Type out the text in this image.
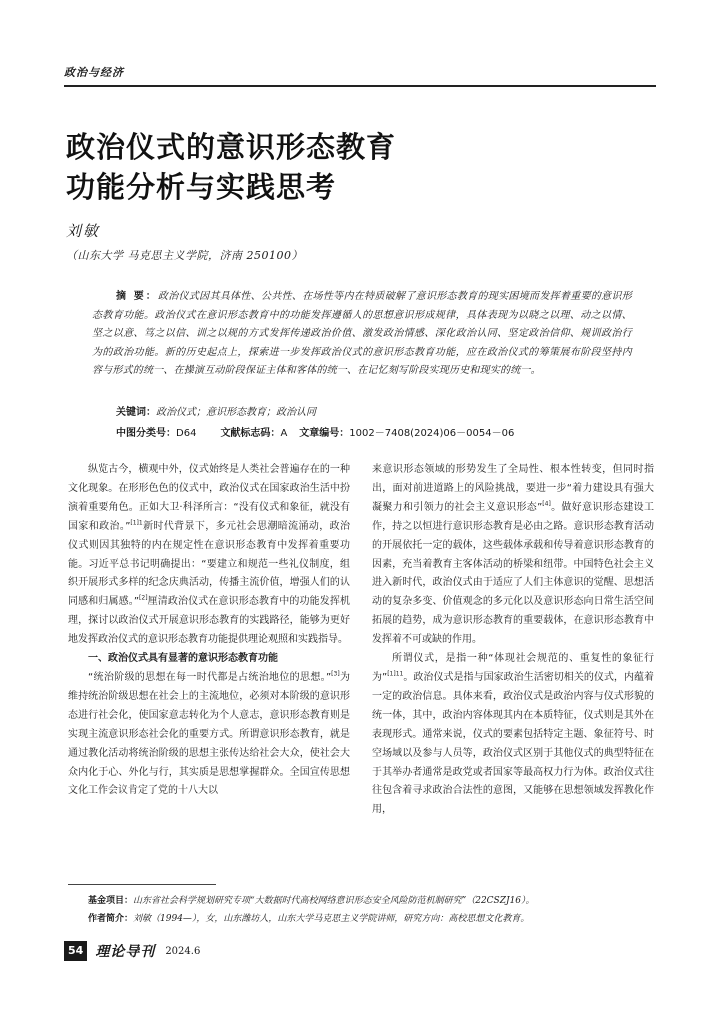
政治与经济
政治仪式的意识形态教育
功能分析与实践思考
刘敏
（山东大学 马克思主义学院，济南 250100）
摘 要：政治仪式因其具体性、公共性、在场性等内在特质破解了意识形态教育的现实困境而发挥着重要的意识形态教育功能。政治仪式在意识形态教育中的功能发挥遵循人的思想意识形成规律，具体表现为以晓之以理、动之以情、坚之以意、笃之以信、训之以规的方式发挥传递政治价值、激发政治情感、深化政治认同、坚定政治信仰、规训政治行为的政治功能。新的历史起点上，探索进一步发挥政治仪式的意识形态教育功能，应在政治仪式的筹策展布阶段坚持内容与形式的统一、在操演互动阶段保证主体和客体的统一、在记忆刻写阶段实现历史和现实的统一。
关键词：政治仪式；意识形态教育；政治认同
中图分类号：D64 文献标志码：A 文章编号：1002－7408(2024)06－0054－06

纵览古今，横观中外，仪式始终是人类社会普遍存在的一种文化现象。在形形色色的仪式中，政治仪式在国家政治生活中扮演着重要角色。正如大卫·科泽所言：“没有仪式和象征，就没有国家和政治。”$^{[1]1}$新时代背景下，多元社会思潮暗流涌动，政治仪式则因其独特的内在规定性在意识形态教育中发挥着重要功能。习近平总书记明确提出：“要建立和规范一些礼仪制度，组织开展形式多样的纪念庆典活动，传播主流价值，增强人们的认同感和归属感。”[2]厘清政治仪式在意识形态教育中的功能发挥机理，探讨以政治仪式开展意识形态教育的实践路径，能够为更好地发挥政治仪式的意识形态教育功能提供理论观照和实践指导。

一、政治仪式具有显著的意识形态教育功能

“统治阶级的思想在每一时代都是占统治地位的思想。”[3]为维持统治阶级思想在社会上的主流地位，必须对本阶级的意识形态进行社会化，使国家意志转化为个人意志，意识形态教育则是实现主流意识形态社会化的重要方式。所谓意识形态教育，就是通过教化活动将统治阶级的思想主张传达给社会大众，使社会大众内化于心、外化与行，其实质是思想掌握群众。全国宣传思想文化工作会议肯定了党的十八大以

来意识形态领域的形势发生了全局性、根本性转变，但同时指出，面对前进道路上的风险挑战，要进一步“着力建设具有强大凝聚力和引领力的社会主义意识形态”[4]。做好意识形态建设工作，持之以恒进行意识形态教育是必由之路。意识形态教育活动的开展依托一定的载体，这些载体承载和传导着意识形态教育的因素，充当着教育主客体活动的桥梁和纽带。中国特色社会主义进入新时代，政治仪式由于适应了人们主体意识的觉醒、思想活动的复杂多变、价值观念的多元化以及意识形态向日常生活空间拓展的趋势，成为意识形态教育的重要载体，在意识形态教育中发挥着不可或缺的作用。

所谓仪式，是指一种“体现社会规范的、重复性的象征行为”$^{[1]11}$。政治仪式是指与国家政治生活密切相关的仪式，内蕴着一定的政治信息。具体来看，政治仪式是政治内容与仪式形貌的统一体，其中，政治内容体现其内在本质特征，仪式则是其外在表现形式。通常来说，仪式的要素包括特定主题、象征符号、时空场域以及参与人员等，政治仪式区别于其他仪式的典型特征在于其举办者通常是政党或者国家等最高权力行为体。政治仪式往往包含着寻求政治合法性的意图，又能够在思想领域发挥教化作用，

基金项目：山东省社会科学规划研究专项“大数据时代高校网络意识形态安全风险防范机制研究”（22CSZJ16）。
作者简介：刘敏（1994—），女，山东潍坊人，山东大学马克思主义学院讲师，研究方向：高校思想文化教育。
54 理论导刊 2024.6
